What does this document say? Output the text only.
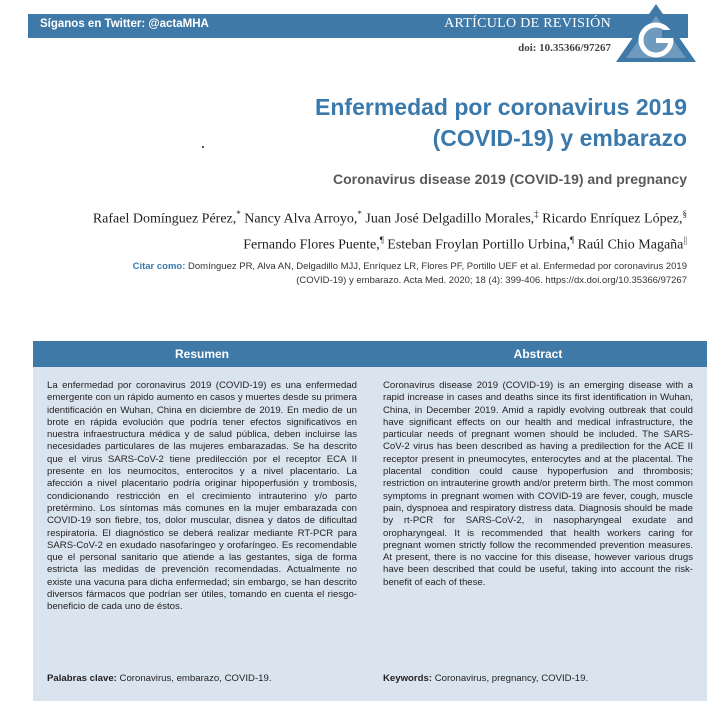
Síganos en Twitter: @actaMHA	ARTÍCULO DE REVISIÓN
doi: 10.35366/97267
Enfermedad por coronavirus 2019
(COVID-19) y embarazo
Coronavirus disease 2019 (COVID-19) and pregnancy
Rafael Domínguez Pérez,* Nancy Alva Arroyo,* Juan José Delgadillo Morales,‡ Ricardo Enríquez López,§
Fernando Flores Puente,¶ Esteban Froylan Portillo Urbina,¶ Raúl Chio Magaña||
Citar como: Domínguez PR, Alva AN, Delgadillo MJJ, Enríquez LR, Flores PF, Portillo UEF et al. Enfermedad por coronavirus 2019 (COVID-19) y embarazo. Acta Med. 2020; 18 (4): 399-406. https://dx.doi.org/10.35366/97267
Resumen
La enfermedad por coronavirus 2019 (COVID-19) es una enfermedad emergente con un rápido aumento en casos y muertes desde su primera identificación en Wuhan, China en diciembre de 2019. En medio de un brote en rápida evolución que podría tener efectos significativos en nuestra infraestructura médica y de salud pública, deben incluirse las necesidades particulares de las mujeres embarazadas. Se ha descrito que el virus SARS-CoV-2 tiene predilección por el receptor ECA II presente en los neumocitos, enterocitos y a nivel placentario. La afección a nivel placentario podría originar hipoperfusión y trombosis, condicionando restricción en el crecimiento intrauterino y/o parto pretérmino. Los síntomas más comunes en la mujer embarazada con COVID-19 son fiebre, tos, dolor muscular, disnea y datos de dificultad respiratoria. El diagnóstico se deberá realizar mediante RT-PCR para SARS-CoV-2 en exudado nasofaríngeo y orofaríngeo. Es recomendable que el personal sanitario que atiende a las gestantes, siga de forma estricta las medidas de prevención recomendadas. Actualmente no existe una vacuna para dicha enfermedad; sin embargo, se han descrito diversos fármacos que podrían ser útiles, tomando en cuenta el riesgo-beneficio de cada uno de éstos.
Palabras clave: Coronavirus, embarazo, COVID-19.
Abstract
Coronavirus disease 2019 (COVID-19) is an emerging disease with a rapid increase in cases and deaths since its first identification in Wuhan, China, in December 2019. Amid a rapidly evolving outbreak that could have significant effects on our health and medical infrastructure, the particular needs of pregnant women should be included. The SARS-CoV-2 virus has been described as having a predilection for the ACE II receptor present in pneumocytes, enterocytes and at the placental. The placental condition could cause hypoperfusion and thrombosis; restriction on intrauterine growth and/or preterm birth. The most common symptoms in pregnant women with COVID-19 are fever, cough, muscle pain, dyspnoea and respiratory distress data. Diagnosis should be made by rt-PCR for SARS-CoV-2, in nasopharyngeal exudate and oropharyngeal. It is recommended that health workers caring for pregnant women strictly follow the recommended prevention measures. At present, there is no vaccine for this disease, however various drugs have been described that could be useful, taking into account the risk-benefit of each of these.
Keywords: Coronavirus, pregnancy, COVID-19.
